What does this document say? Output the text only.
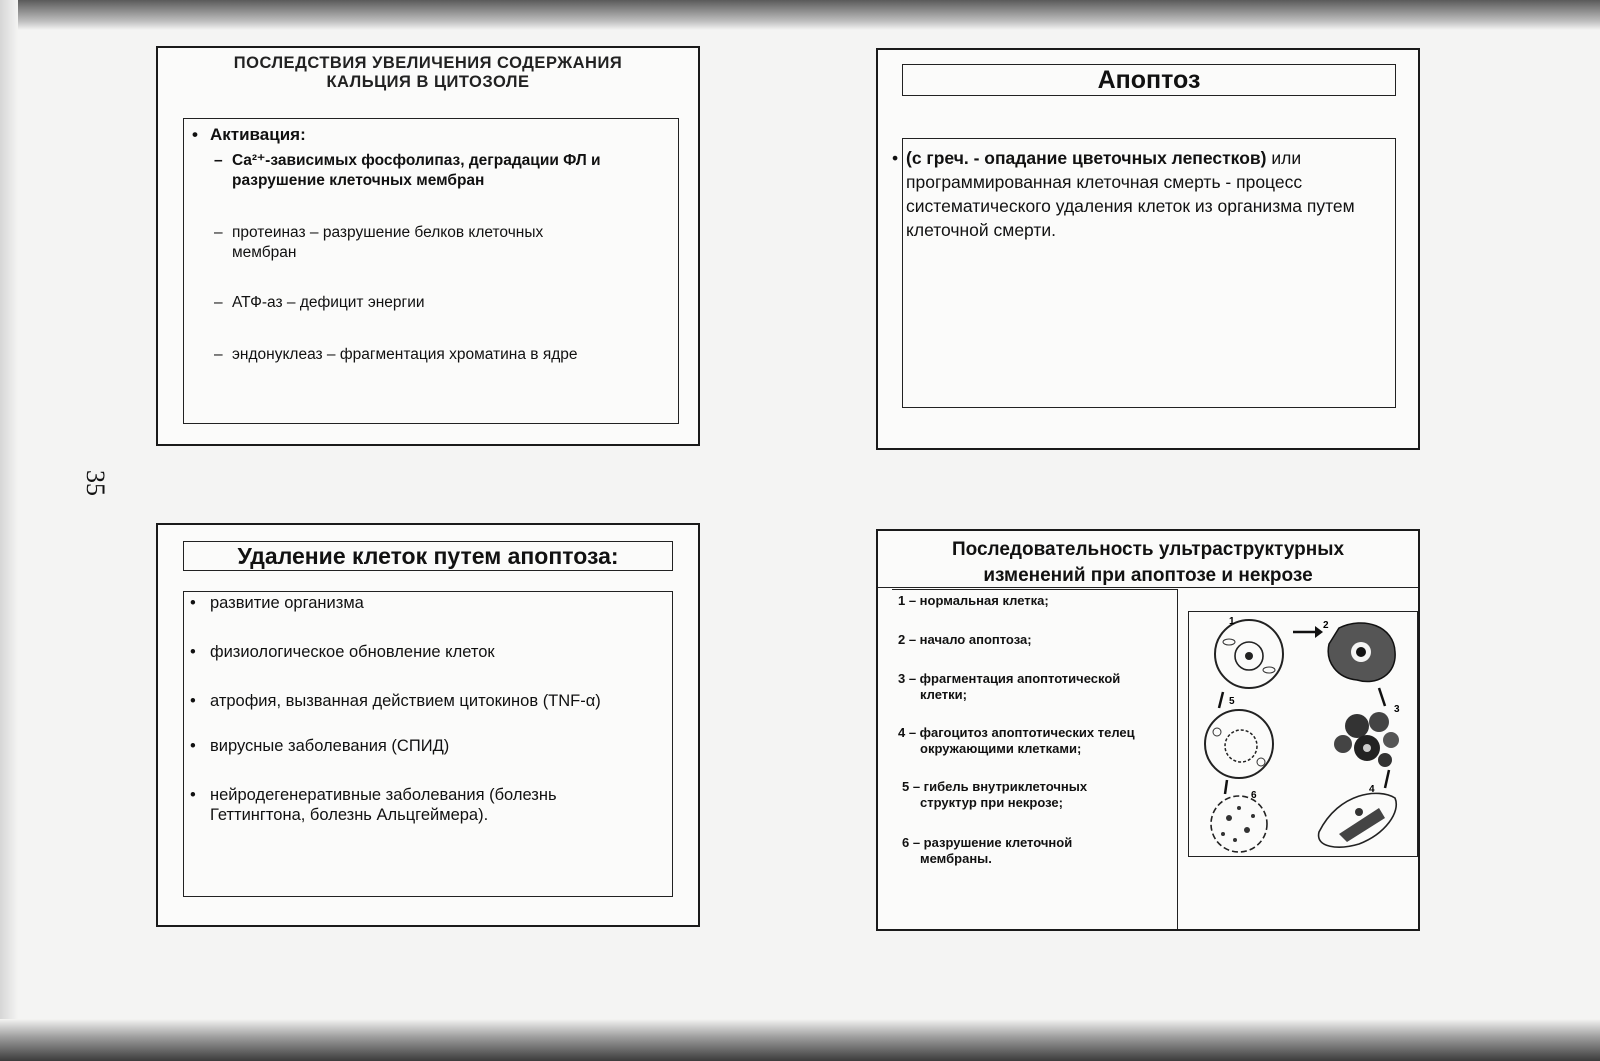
35
ПОСЛЕДСТВИЯ УВЕЛИЧЕНИЯ СОДЕРЖАНИЯ
КАЛЬЦИЯ В ЦИТОЗОЛЕ
• Активация:
– Ca²⁺-зависимых фосфолипаз, деградации ФЛ и
разрушение клеточных мембран
– протеиназ – разрушение белков клеточных
мембран
– АТФ-аз – дефицит энергии
– эндонуклеаз – фрагментация хроматина в ядре
Апоптоз
• (с греч. - опадание цветочных лепестков) или программированная клеточная смерть - процесс систематического удаления клеток из организма путем клеточной смерти.
Удаление клеток путем апоптоза:
• развитие организма
• физиологическое обновление клеток
• атрофия, вызванная действием цитокинов (TNF-α)
• вирусные заболевания (СПИД)
• нейродегенеративные заболевания (болезнь
Геттингтона, болезнь Альцгеймера).
Последовательность ультраструктурных
изменений при апоптозе и некрозе
1 – нормальная клетка;
2 – начало апоптоза;
3 – фрагментация апоптотической
клетки;
4 – фагоцитоз апоптотических телец
окружающими клетками;
5 – гибель внутриклеточных
структур при некрозе;
6 – разрушение клеточной
мембраны.
1	2
3
4
5
6
